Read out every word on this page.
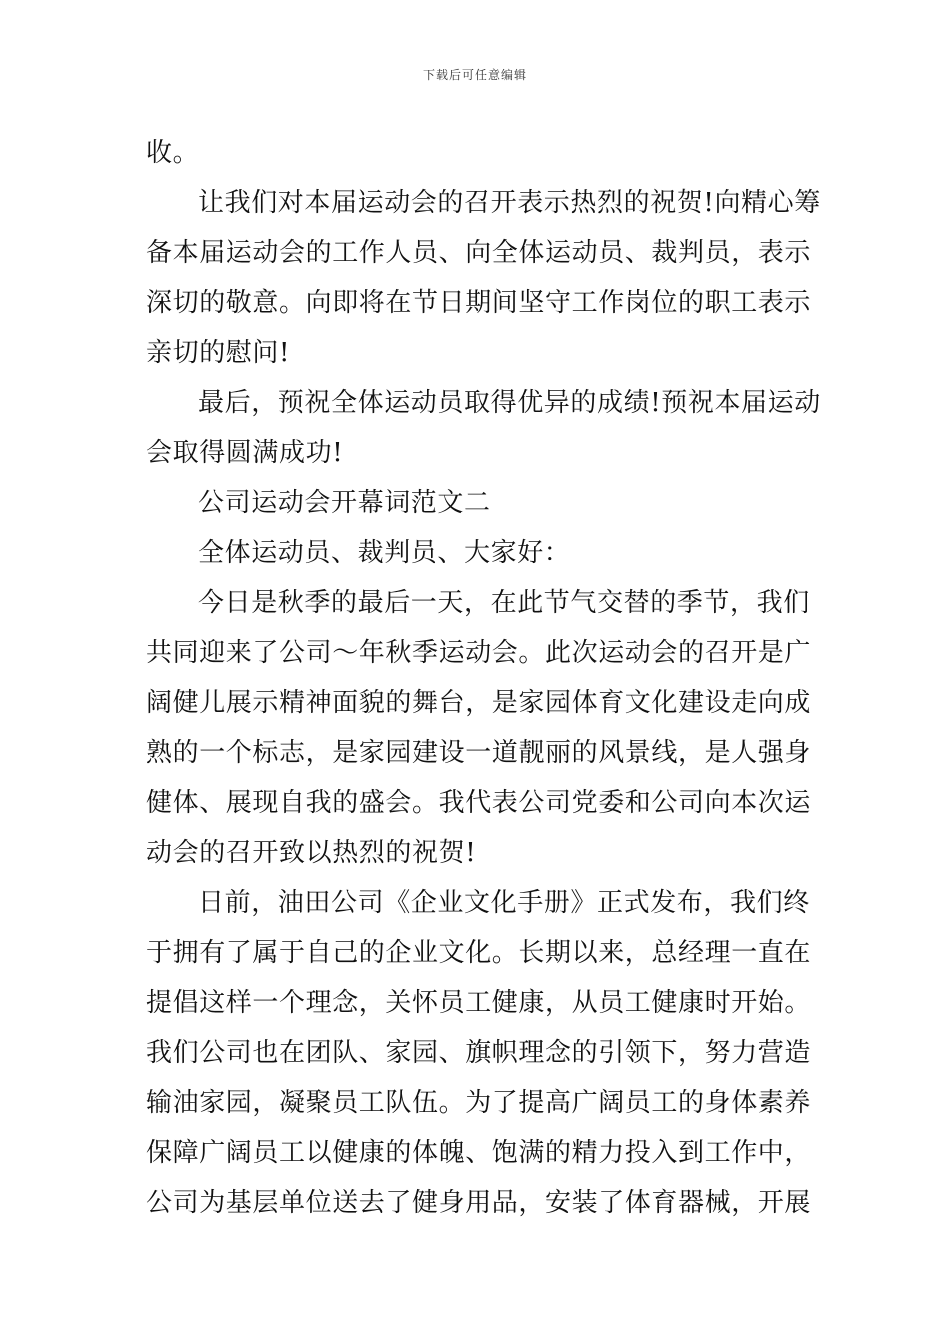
下载后可任意编辑
收。
让我们对本届运动会的召开表示热烈的祝贺!向精心筹
备本届运动会的工作人员、向全体运动员、裁判员，表示
深切的敬意。向即将在节日期间坚守工作岗位的职工表示
亲切的慰问!
最后，预祝全体运动员取得优异的成绩!预祝本届运动
会取得圆满成功!
公司运动会开幕词范文二
全体运动员、裁判员、大家好：
今日是秋季的最后一天，在此节气交替的季节，我们
共同迎来了公司～年秋季运动会。此次运动会的召开是广
阔健儿展示精神面貌的舞台，是家园体育文化建设走向成
熟的一个标志，是家园建设一道靓丽的风景线，是人强身
健体、展现自我的盛会。我代表公司党委和公司向本次运
动会的召开致以热烈的祝贺!
日前，油田公司《企业文化手册》正式发布，我们终
于拥有了属于自己的企业文化。长期以来，总经理一直在
提倡这样一个理念，关怀员工健康，从员工健康时开始。
我们公司也在团队、家园、旗帜理念的引领下，努力营造
输油家园，凝聚员工队伍。为了提高广阔员工的身体素养
保障广阔员工以健康的体魄、饱满的精力投入到工作中，
公司为基层单位送去了健身用品，安装了体育器械，开展
